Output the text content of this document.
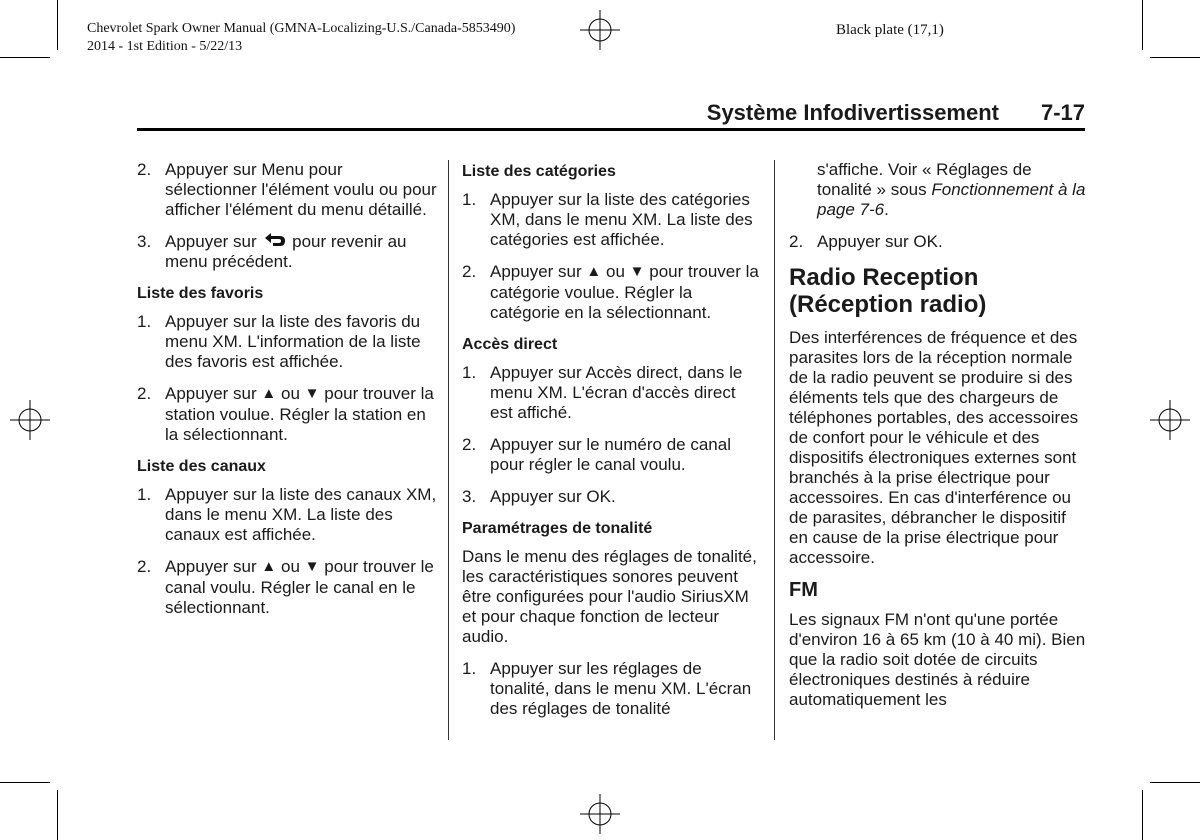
Chevrolet Spark Owner Manual (GMNA-Localizing-U.S./Canada-5853490)
2014 - 1st Edition - 5/22/13
Black plate (17,1)
Système Infodivertissement 7-17
2. Appuyer sur Menu pour sélectionner l'élément voulu ou pour afficher l'élément du menu détaillé.
3. Appuyer sur pour revenir au menu précédent.
Liste des favoris
1. Appuyer sur la liste des favoris du menu XM. L'information de la liste des favoris est affichée.
2. Appuyer sur ▲ ou ▼ pour trouver la station voulue. Régler la station en la sélectionnant.
Liste des canaux
1. Appuyer sur la liste des canaux XM, dans le menu XM. La liste des canaux est affichée.
2. Appuyer sur ▲ ou ▼ pour trouver le canal voulu. Régler le canal en le sélectionnant.
Liste des catégories
1. Appuyer sur la liste des catégories XM, dans le menu XM. La liste des catégories est affichée.
2. Appuyer sur ▲ ou ▼ pour trouver la catégorie voulue. Régler la catégorie en la sélectionnant.
Accès direct
1. Appuyer sur Accès direct, dans le menu XM. L'écran d'accès direct est affiché.
2. Appuyer sur le numéro de canal pour régler le canal voulu.
3. Appuyer sur OK.
Paramétrages de tonalité
Dans le menu des réglages de tonalité, les caractéristiques sonores peuvent être configurées pour l'audio SiriusXM et pour chaque fonction de lecteur audio.
1. Appuyer sur les réglages de tonalité, dans le menu XM. L'écran des réglages de tonalité
s'affiche. Voir « Réglages de tonalité » sous Fonctionnement à la page 7-6.
2. Appuyer sur OK.
Radio Reception (Réception radio)
Des interférences de fréquence et des parasites lors de la réception normale de la radio peuvent se produire si des éléments tels que des chargeurs de téléphones portables, des accessoires de confort pour le véhicule et des dispositifs électroniques externes sont branchés à la prise électrique pour accessoires. En cas d'interférence ou de parasites, débrancher le dispositif en cause de la prise électrique pour accessoire.
FM
Les signaux FM n'ont qu'une portée d'environ 16 à 65 km (10 à 40 mi). Bien que la radio soit dotée de circuits électroniques destinés à réduire automatiquement les
